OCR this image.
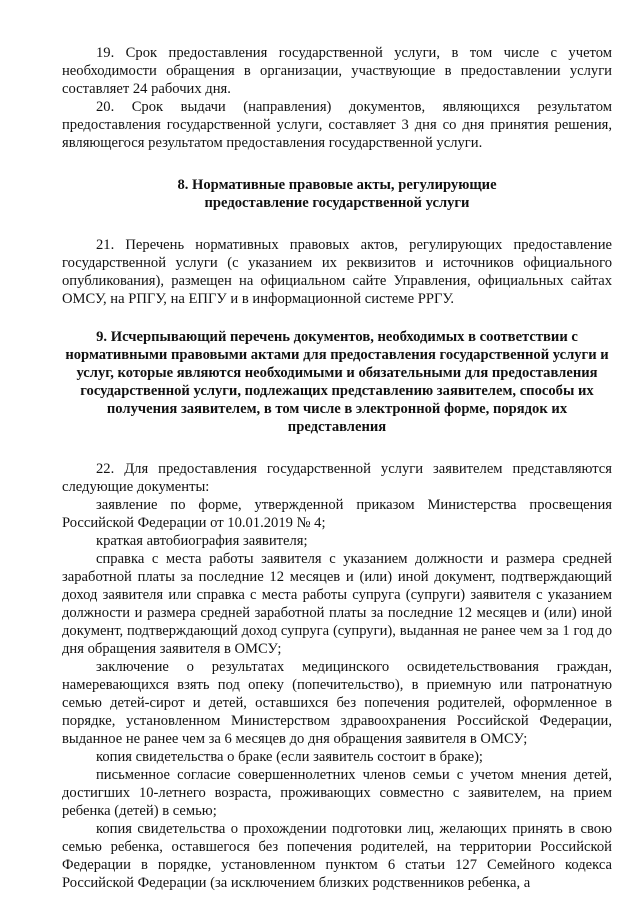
19. Срок предоставления государственной услуги, в том числе с учетом необходимости обращения в организации, участвующие в предоставлении услуги составляет 24 рабочих дня.

20. Срок выдачи (направления) документов, являющихся результатом предоставления государственной услуги, составляет 3 дня со дня принятия решения, являющегося результатом предоставления государственной услуги.

8. Нормативные правовые акты, регулирующие

предоставление государственной услуги

21. Перечень нормативных правовых актов, регулирующих предоставление государственной услуги (с указанием их реквизитов и источников официального опубликования), размещен на официальном сайте Управления, официальных сайтах ОМСУ, на РПГУ, на ЕПГУ и в информационной системе РРГУ.

9. Исчерпывающий перечень документов, необходимых в соответствии с нормативными правовыми актами для предоставления государственной услуги и услуг, которые являются необходимыми и обязательными для предоставления государственной услуги, подлежащих представлению заявителем, способы их получения заявителем, в том числе в электронной форме, порядок их представления

22. Для предоставления государственной услуги заявителем представляются следующие документы:

заявление по форме, утвержденной приказом Министерства просвещения Российской Федерации от 10.01.2019 № 4;

краткая автобиография заявителя;

справка с места работы заявителя с указанием должности и размера средней заработной платы за последние 12 месяцев и (или) иной документ, подтверждающий доход заявителя или справка с места работы супруга (супруги) заявителя с указанием должности и размера средней заработной платы за последние 12 месяцев и (или) иной документ, подтверждающий доход супруга (супруги), выданная не ранее чем за 1 год до дня обращения заявителя в ОМСУ;

заключение о результатах медицинского освидетельствования граждан, намеревающихся взять под опеку (попечительство), в приемную или патронатную семью детей-сирот и детей, оставшихся без попечения родителей, оформленное в порядке, установленном Министерством здравоохранения Российской Федерации, выданное не ранее чем за 6 месяцев до дня обращения заявителя в ОМСУ;

копия свидетельства о браке (если заявитель состоит в браке);

письменное согласие совершеннолетних членов семьи с учетом мнения детей, достигших 10-летнего возраста, проживающих совместно с заявителем, на прием ребенка (детей) в семью;

копия свидетельства о прохождении подготовки лиц, желающих принять в свою семью ребенка, оставшегося без попечения родителей, на территории Российской Федерации в порядке, установленном пунктом 6 статьи 127 Семейного кодекса Российской Федерации (за исключением близких родственников ребенка, а
